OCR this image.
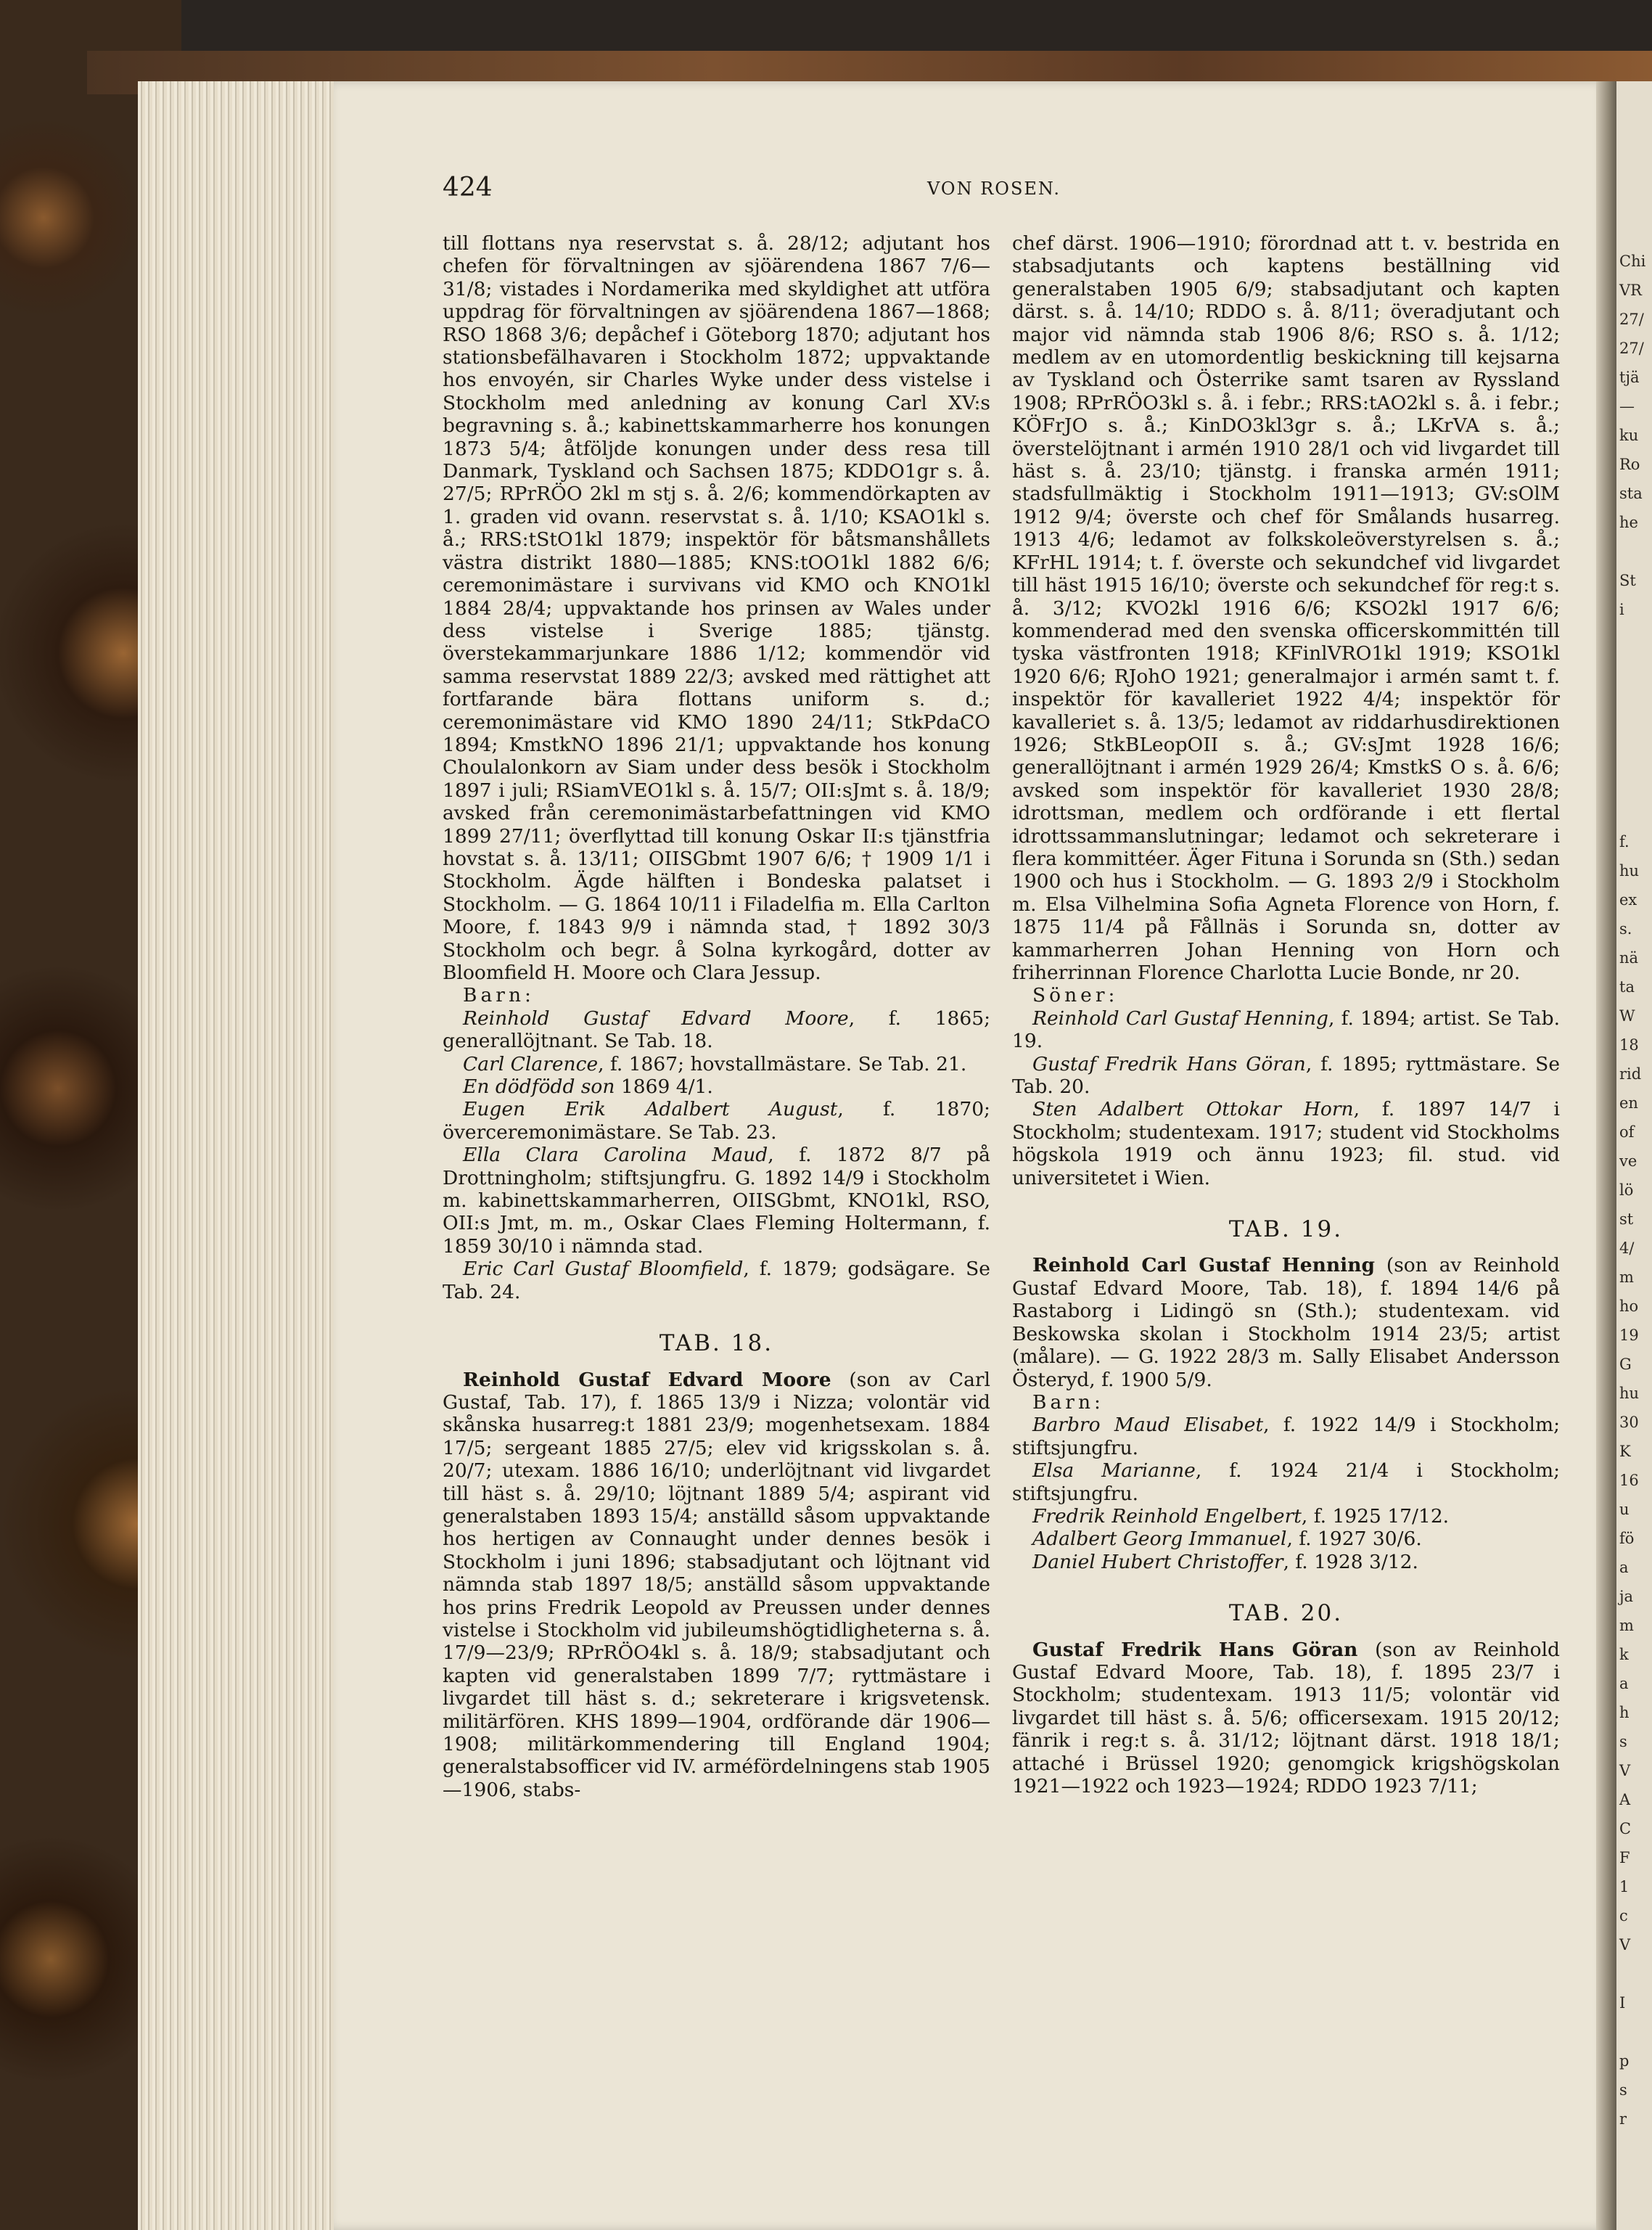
Chi
VR
27/
27/
tjä
—
ku
Ro
sta
he

St
i

f.
hu
ex
s.
nä
ta
W
18
rid
en
of
ve
lö
st
4/
m
ho
19
G
hu
30
K
16
u
fö
a
ja
m
k
a
h
s
V
A
C
F
1
c
V

I

p
s
r
424	VON ROSEN.

till flottans nya reservstat s. å. 28/12; adjutant hos chefen för förvaltningen av sjöärendena 1867 7/6—31/8; vistades i Nordamerika med skyldighet att utföra uppdrag för förvaltningen av sjöärendena 1867—1868; RSO 1868 3/6; depåchef i Göteborg 1870; adjutant hos stationsbefälhavaren i Stockholm 1872; uppvaktande hos envoyén, sir Charles Wyke under dess vistelse i Stockholm med anledning av konung Carl XV:s begravning s. å.; kabinettskammarherre hos konungen 1873 5/4; åtföljde konungen under dess resa till Danmark, Tyskland och Sachsen 1875; KDDO1gr s. å. 27/5; RPrRÖO 2kl m stj s. å. 2/6; kommendörkapten av 1. graden vid ovann. reservstat s. å. 1/10; KSAO1kl s. å.; RRS:tStO1kl 1879; inspektör för båtsmanshållets västra distrikt 1880—1885; KNS:tOO1kl 1882 6/6; ceremonimästare i survivans vid KMO och KNO1kl 1884 28/4; uppvaktande hos prinsen av Wales under dess vistelse i Sverige 1885; tjänstg. överstekammarjunkare 1886 1/12; kommendör vid samma reservstat 1889 22/3; avsked med rättighet att fortfarande bära flottans uniform s. d.; ceremonimästare vid KMO 1890 24/11; StkPdaCO 1894; KmstkNO 1896 21/1; uppvaktande hos konung Choulalonkorn av Siam under dess besök i Stockholm 1897 i juli; RSiamVEO1kl s. å. 15/7; OII:sJmt s. å. 18/9; avsked från ceremonimästarbefattningen vid KMO 1899 27/11; överflyttad till konung Oskar II:s tjänstfria hovstat s. å. 13/11; OIISGbmt 1907 6/6; † 1909 1/1 i Stockholm. Ägde hälften i Bondeska palatset i Stockholm. — G. 1864 10/11 i Filadelfia m. Ella Carlton Moore, f. 1843 9/9 i nämnda stad, † 1892 30/3 Stockholm och begr. å Solna kyrkogård, dotter av Bloomfield H. Moore och Clara Jessup.

Barn:

Reinhold Gustaf Edvard Moore, f. 1865; generallöjtnant. Se Tab. 18.

Carl Clarence, f. 1867; hovstallmästare. Se Tab. 21.

En dödfödd son 1869 4/1.

Eugen Erik Adalbert August, f. 1870; överceremonimästare. Se Tab. 23.

Ella Clara Carolina Maud, f. 1872 8/7 på Drottningholm; stiftsjungfru. G. 1892 14/9 i Stockholm m. kabinettskammarherren, OIISGbmt, KNO1kl, RSO, OII:s Jmt, m. m., Oskar Claes Fleming Holtermann, f. 1859 30/10 i nämnda stad.

Eric Carl Gustaf Bloomfield, f. 1879; godsägare. Se Tab. 24.

TAB. 18.

Reinhold Gustaf Edvard Moore (son av Carl Gustaf, Tab. 17), f. 1865 13/9 i Nizza; volontär vid skånska husarreg:t 1881 23/9; mogenhetsexam. 1884 17/5; sergeant 1885 27/5; elev vid krigsskolan s. å. 20/7; utexam. 1886 16/10; underlöjtnant vid livgardet till häst s. å. 29/10; löjtnant 1889 5/4; aspirant vid generalstaben 1893 15/4; anställd såsom uppvaktande hos hertigen av Connaught under dennes besök i Stockholm i juni 1896; stabsadjutant och löjtnant vid nämnda stab 1897 18/5; anställd såsom uppvaktande hos prins Fredrik Leopold av Preussen under dennes vistelse i Stockholm vid jubileumshögtidligheterna s. å. 17/9—23/9; RPrRÖO4kl s. å. 18/9; stabsadjutant och kapten vid generalstaben 1899 7/7; ryttmästare i livgardet till häst s. d.; sekreterare i krigsvetensk. militärfören. KHS 1899—1904, ordförande där 1906—1908; militärkommendering till England 1904; generalstabsofficer vid IV. arméfördelningens stab 1905—1906, stabs-

chef därst. 1906—1910; förordnad att t. v. bestrida en stabsadjutants och kaptens beställning vid generalstaben 1905 6/9; stabsadjutant och kapten därst. s. å. 14/10; RDDO s. å. 8/11; överadjutant och major vid nämnda stab 1906 8/6; RSO s. å. 1/12; medlem av en utomordentlig beskickning till kejsarna av Tyskland och Österrike samt tsaren av Ryssland 1908; RPrRÖO3kl s. å. i febr.; RRS:tAO2kl s. å. i febr.; KÖFrJO s. å.; KinDO3kl3gr s. å.; LKrVA s. å.; överstelöjtnant i armén 1910 28/1 och vid livgardet till häst s. å. 23/10; tjänstg. i franska armén 1911; stadsfullmäktig i Stockholm 1911—1913; GV:sOlM 1912 9/4; överste och chef för Smålands husarreg. 1913 4/6; ledamot av folkskoleöverstyrelsen s. å.; KFrHL 1914; t. f. överste och sekundchef vid livgardet till häst 1915 16/10; överste och sekundchef för reg:t s. å. 3/12; KVO2kl 1916 6/6; KSO2kl 1917 6/6; kommenderad med den svenska officerskommittén till tyska västfronten 1918; KFinlVRO1kl 1919; KSO1kl 1920 6/6; RJohO 1921; generalmajor i armén samt t. f. inspektör för kavalleriet 1922 4/4; inspektör för kavalleriet s. å. 13/5; ledamot av riddarhusdirektionen 1926; StkBLeopOII s. å.; GV:sJmt 1928 16/6; generallöjtnant i armén 1929 26/4; KmstkS O s. å. 6/6; avsked som inspektör för kavalleriet 1930 28/8; idrottsman, medlem och ordförande i ett flertal idrottssammanslutningar; ledamot och sekreterare i flera kommittéer. Äger Fituna i Sorunda sn (Sth.) sedan 1900 och hus i Stockholm. — G. 1893 2/9 i Stockholm m. Elsa Vilhelmina Sofia Agneta Florence von Horn, f. 1875 11/4 på Fållnäs i Sorunda sn, dotter av kammarherren Johan Henning von Horn och friherrinnan Florence Charlotta Lucie Bonde, nr 20.

Söner:

Reinhold Carl Gustaf Henning, f. 1894; artist. Se Tab. 19.

Gustaf Fredrik Hans Göran, f. 1895; ryttmästare. Se Tab. 20.

Sten Adalbert Ottokar Horn, f. 1897 14/7 i Stockholm; studentexam. 1917; student vid Stockholms högskola 1919 och ännu 1923; fil. stud. vid universitetet i Wien.

TAB. 19.

Reinhold Carl Gustaf Henning (son av Reinhold Gustaf Edvard Moore, Tab. 18), f. 1894 14/6 på Rastaborg i Lidingö sn (Sth.); studentexam. vid Beskowska skolan i Stockholm 1914 23/5; artist (målare). — G. 1922 28/3 m. Sally Elisabet Andersson Österyd, f. 1900 5/9.

Barn:

Barbro Maud Elisabet, f. 1922 14/9 i Stockholm; stiftsjungfru.

Elsa Marianne, f. 1924 21/4 i Stockholm; stiftsjungfru.

Fredrik Reinhold Engelbert, f. 1925 17/12.

Adalbert Georg Immanuel, f. 1927 30/6.

Daniel Hubert Christoffer, f. 1928 3/12.

TAB. 20.

Gustaf Fredrik Hans Göran (son av Reinhold Gustaf Edvard Moore, Tab. 18), f. 1895 23/7 i Stockholm; studentexam. 1913 11/5; volontär vid livgardet till häst s. å. 5/6; officersexam. 1915 20/12; fänrik i reg:t s. å. 31/12; löjtnant därst. 1918 18/1; attaché i Brüssel 1920; genomgick krigshögskolan 1921—1922 och 1923—1924; RDDO 1923 7/11;
